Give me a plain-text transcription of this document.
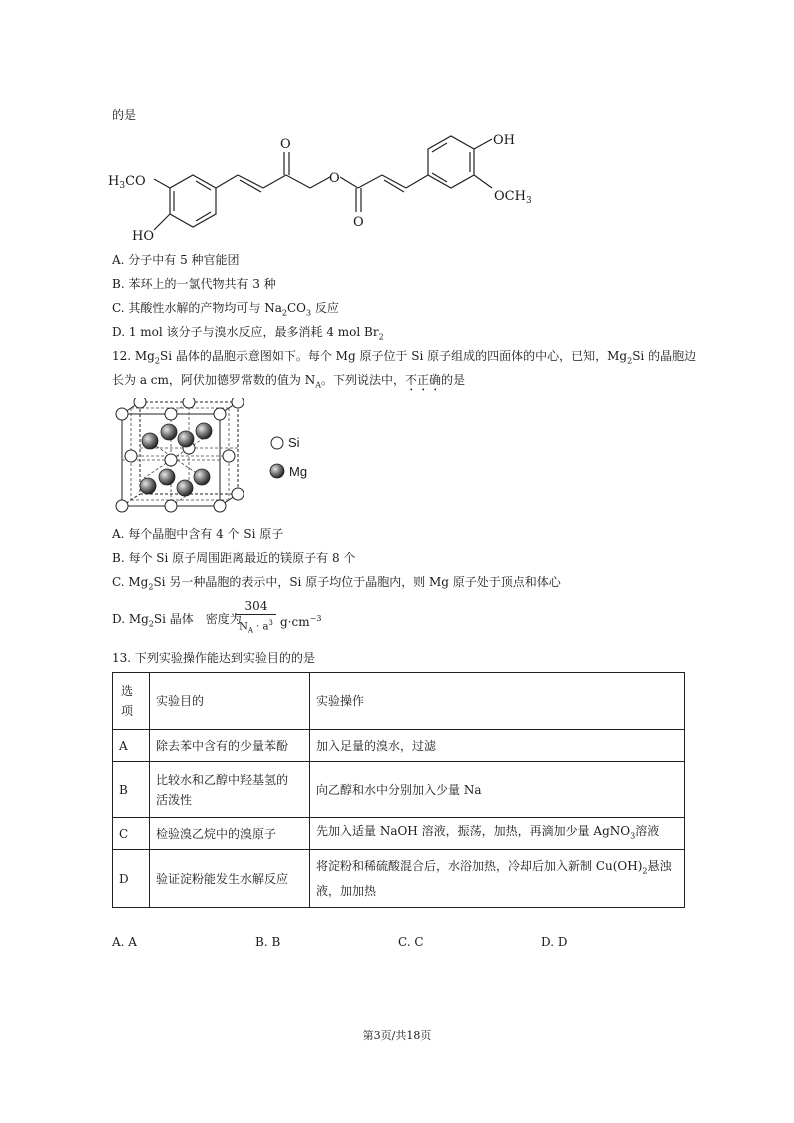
的是
$H_3CO$
HO
O
O
O
OH
$OCH_3$
A. 分子中有 5 种官能团
B. 苯环上的一氯代物共有 3 种
C. 其酸性水解的产物均可与 $Na_2CO_3$ 反应
D. 1 mol 该分子与溴水反应，最多消耗 4 mol $Br_2$
12. $Mg_2Si$ 晶体的晶胞示意图如下。每个 Mg 原子位于 Si 原子组成的四面体的中心，已知，$Mg_2Si$ 的晶胞边
长为 a cm，阿伏加德罗常数的值为 $N_A$。下列说法中，不正确的是
Si
Mg
A. 每个晶胞中含有 4 个 Si 原子
B. 每个 Si 原子周围距离最近的镁原子有 8 个
C. $Mg_2Si$ 另一种晶胞的表示中，Si 原子均位于晶胞内，则 Mg 原子处于顶点和体心
D. $Mg_2Si$ 晶体　密度为
304
$N_A \cdot a^3$ $g\cdot cm^{-3}$
13. 下列实验操作能达到实验目的的是
选项	实验目的	实验操作
A	除去苯中含有的少量苯酚	加入足量的溴水，过滤
B	比较水和乙醇中羟基氢的活泼性	向乙醇和水中分别加入少量 Na
C	检验溴乙烷中的溴原子	先加入适量 NaOH 溶液，振荡，加热，再滴加少量 AgNO$_3$溶液
D	验证淀粉能发生水解反应	将淀粉和稀硫酸混合后，水浴加热，冷却后加入新制 $Cu(OH)_2$悬浊液，加加热
A. A	B. B	C. C	D. D
第3页/共18页
